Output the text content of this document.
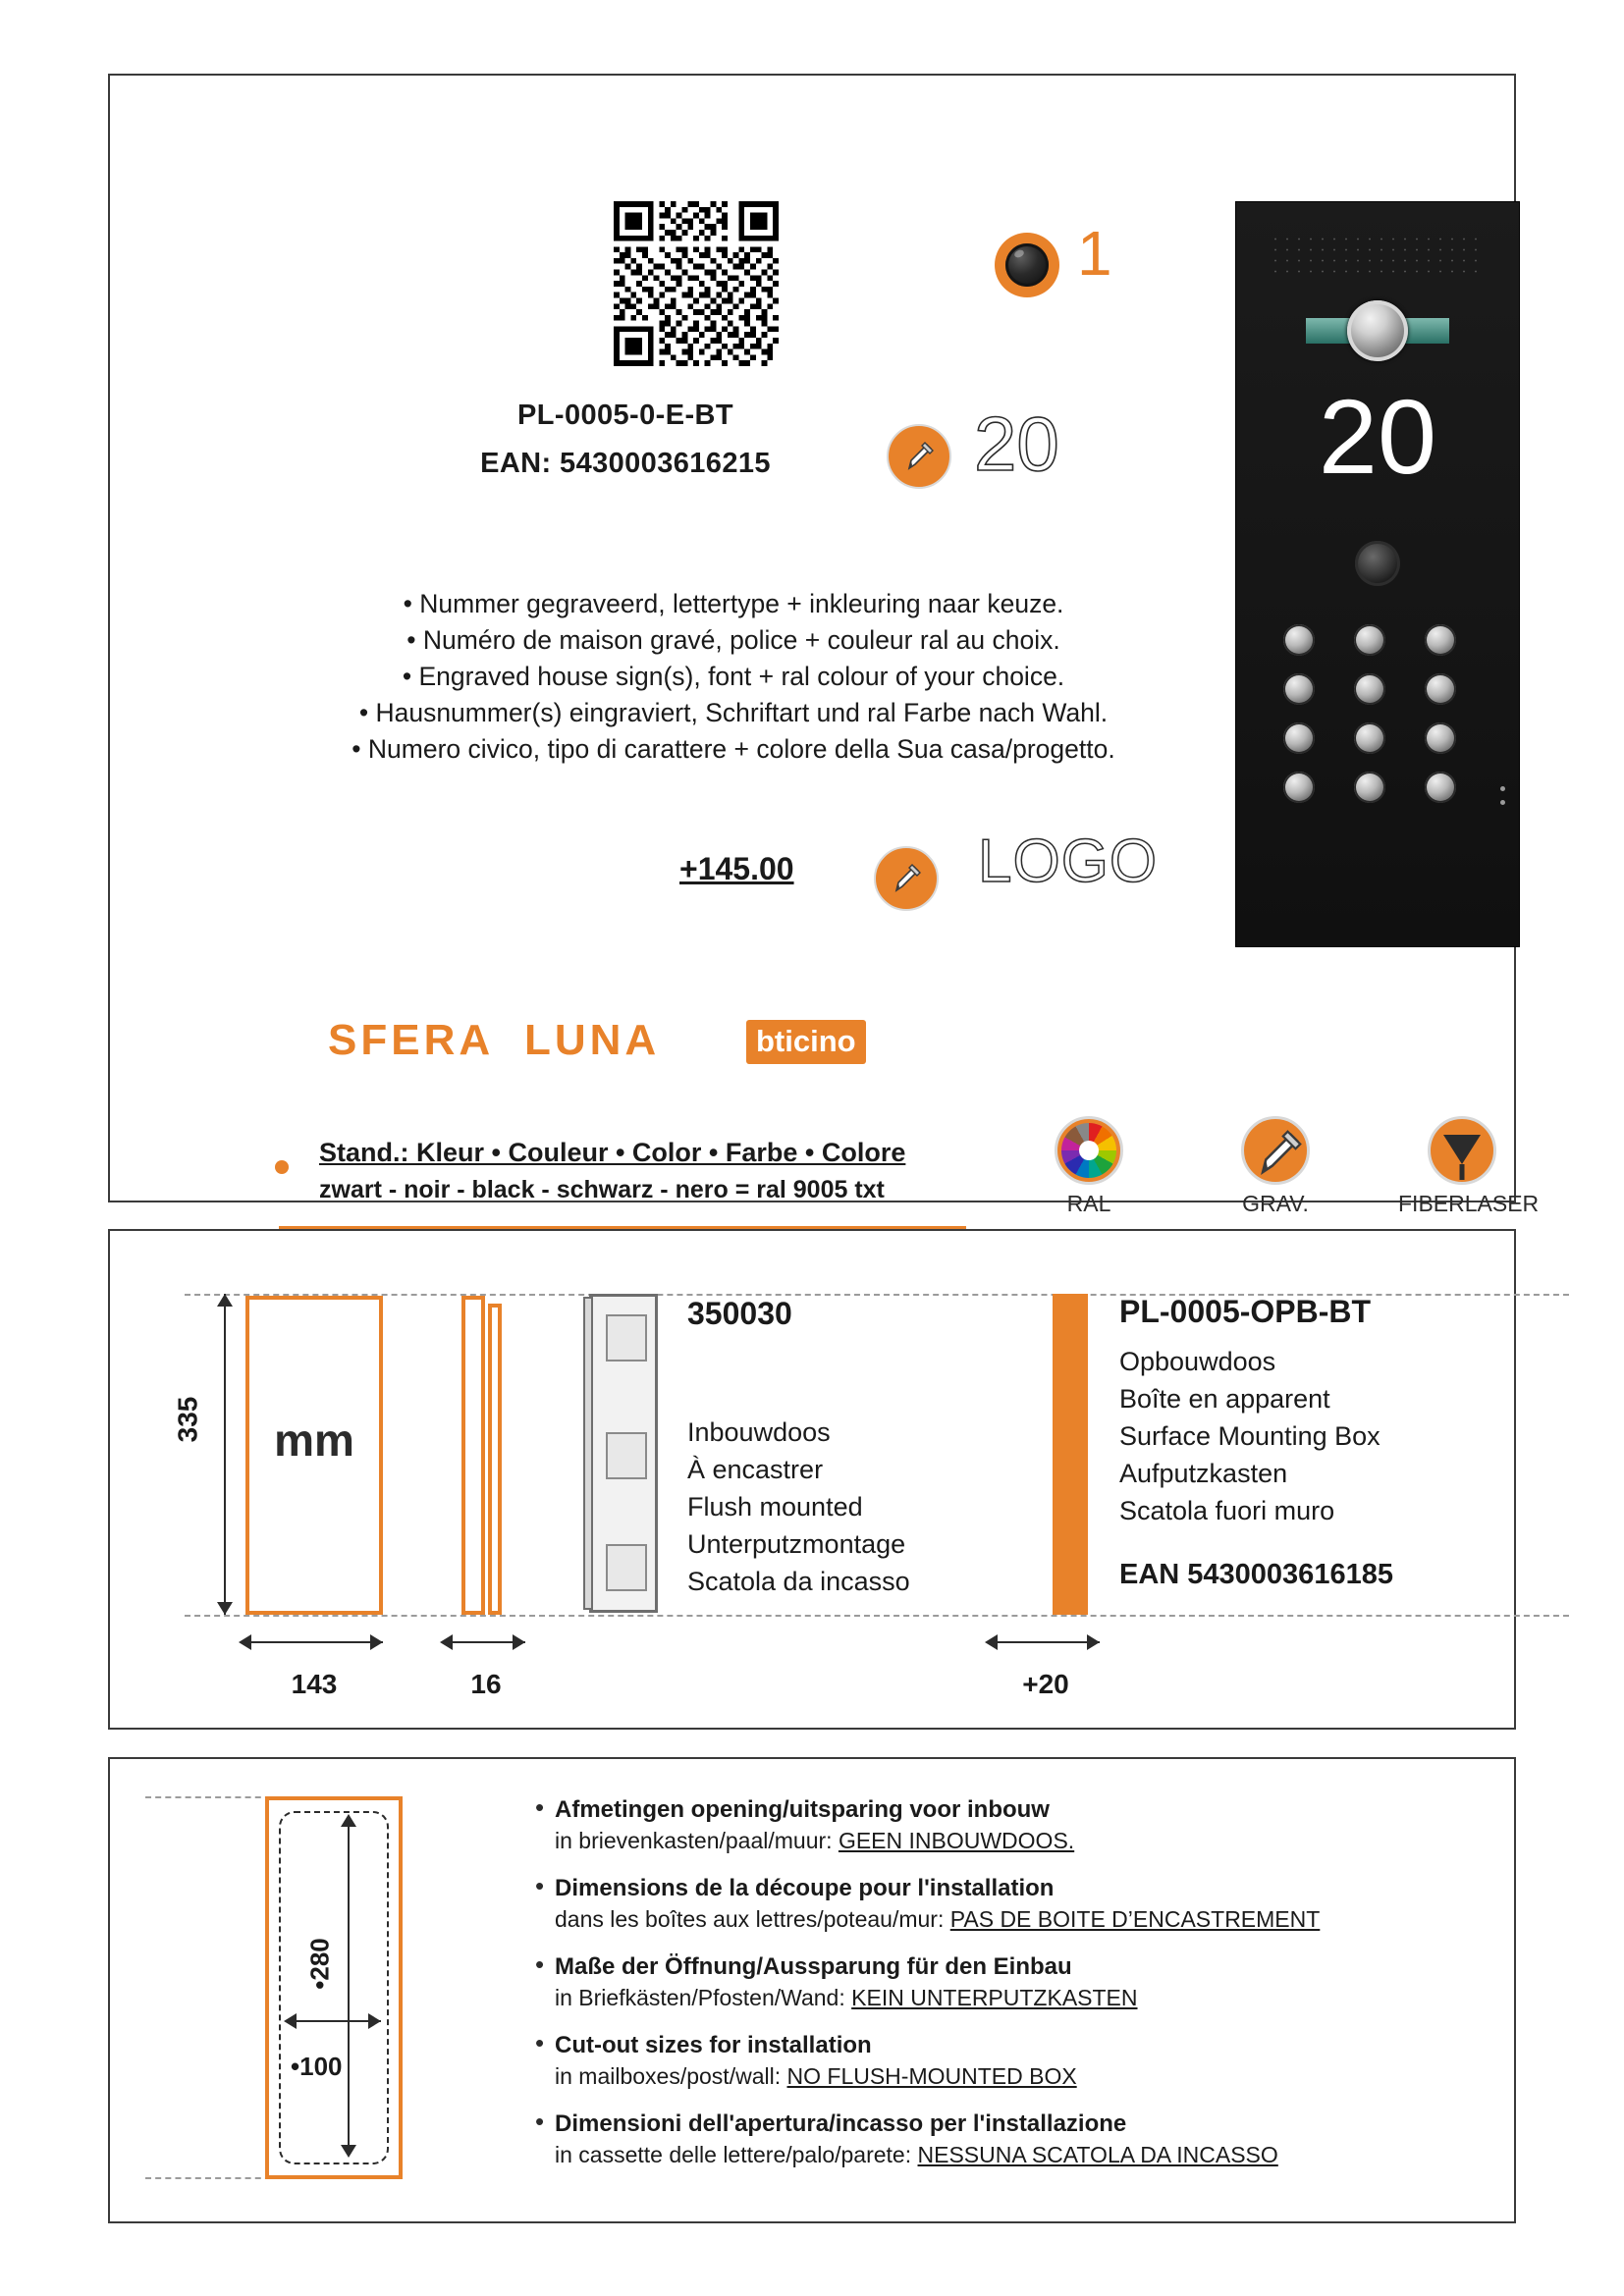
PL-0005-0-E-BT
EAN: 5430003616215
1
20
• Nummer gegraveerd, lettertype + inkleuring naar keuze.
• Numéro de maison gravé, police + couleur ral au choix.
• Engraved house sign(s), font + ral colour of your choice.
• Hausnummer(s) eingraviert, Schriftart und ral Farbe nach Wahl.
• Numero civico, tipo di carattere + colore della Sua casa/progetto.
+145.00	LOGO
SFERA LUNA	bticino
Stand.: Kleur • Couleur • Color • Farbe • Colore
zwart - noir - black - schwarz - nero = ral 9005 txt	RAL	GRAV.	FIBERLASER
20
335	mm
143	16	+20
350030
Inbouwdoos
À encastrer
Flush mounted
Unterputzmontage
Scatola da incasso
PL-0005-OPB-BT
Opbouwdoos
Boîte en apparent
Surface Mounting Box
Aufputzkasten
Scatola fuori muro
EAN 5430003616185
•280
•100
• Afmetingen opening/uitsparing voor inbouw
in brievenkasten/paal/muur: GEEN INBOUWDOOS.
• Dimensions de la découpe pour l'installation
dans les boîtes aux lettres/poteau/mur: PAS DE BOITE D’ENCASTREMENT
• Maße der Öffnung/Aussparung für den Einbau
in Briefkästen/Pfosten/Wand: KEIN UNTERPUTZKASTEN
• Cut-out sizes for installation
in mailboxes/post/wall: NO FLUSH-MOUNTED BOX
• Dimensioni dell'apertura/incasso per l'installazione
in cassette delle lettere/palo/parete: NESSUNA SCATOLA DA INCASSO
